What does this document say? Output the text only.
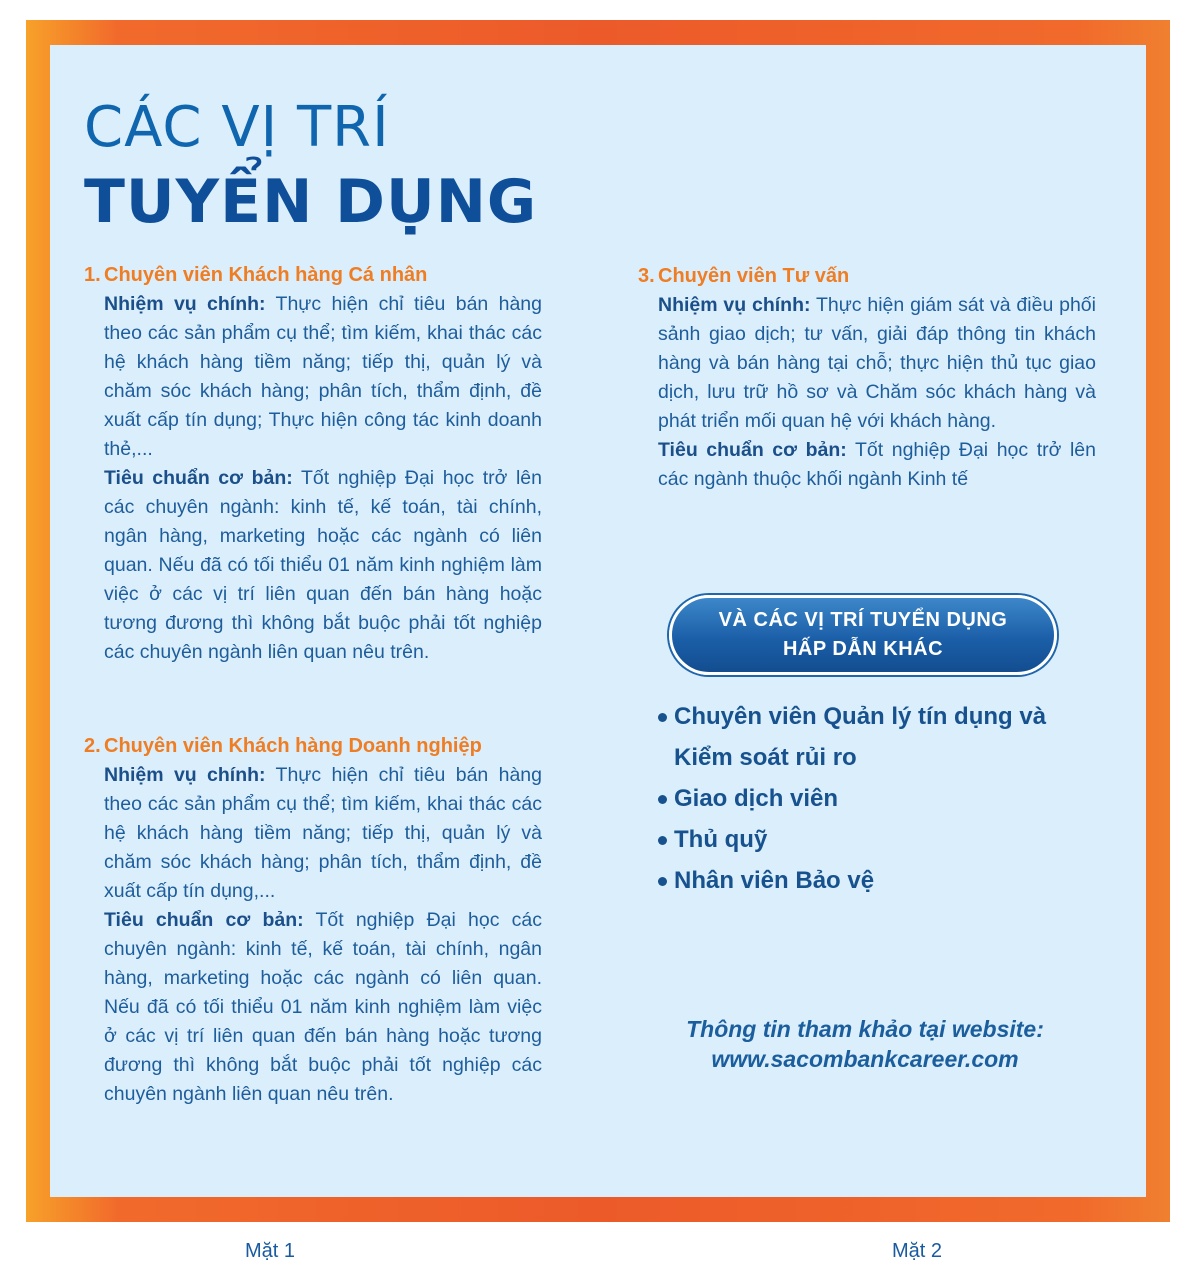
CÁC VỊ TRÍ
TUYỂN DỤNG

1. Chuyên viên Khách hàng Cá nhân

Nhiệm vụ chính: Thực hiện chỉ tiêu bán hàng theo các sản phẩm cụ thể; tìm kiếm, khai thác các hệ khách hàng tiềm năng; tiếp thị, quản lý và chăm sóc khách hàng; phân tích, thẩm định, đề xuất cấp tín dụng; Thực hiện công tác kinh doanh thẻ,...

Tiêu chuẩn cơ bản: Tốt nghiệp Đại học trở lên các chuyên ngành: kinh tế, kế toán, tài chính, ngân hàng, marketing hoặc các ngành có liên quan. Nếu đã có tối thiểu 01 năm kinh nghiệm làm việc ở các vị trí liên quan đến bán hàng hoặc tương đương thì không bắt buộc phải tốt nghiệp các chuyên ngành liên quan nêu trên.

2. Chuyên viên Khách hàng Doanh nghiệp

Nhiệm vụ chính: Thực hiện chỉ tiêu bán hàng theo các sản phẩm cụ thể; tìm kiếm, khai thác các hệ khách hàng tiềm năng; tiếp thị, quản lý và chăm sóc khách hàng; phân tích, thẩm định, đề xuất cấp tín dụng,...

Tiêu chuẩn cơ bản: Tốt nghiệp Đại học các chuyên ngành: kinh tế, kế toán, tài chính, ngân hàng, marketing hoặc các ngành có liên quan. Nếu đã có tối thiểu 01 năm kinh nghiệm làm việc ở các vị trí liên quan đến bán hàng hoặc tương đương thì không bắt buộc phải tốt nghiệp các chuyên ngành liên quan nêu trên.

3. Chuyên viên Tư vấn

Nhiệm vụ chính: Thực hiện giám sát và điều phối sảnh giao dịch; tư vấn, giải đáp thông tin khách hàng và bán hàng tại chỗ; thực hiện thủ tục giao dịch, lưu trữ hồ sơ và Chăm sóc khách hàng và phát triển mối quan hệ với khách hàng.

Tiêu chuẩn cơ bản: Tốt nghiệp Đại học trở lên các ngành thuộc khối ngành Kinh tế

VÀ CÁC VỊ TRÍ TUYỂN DỤNG
HẤP DẪN KHÁC
Chuyên viên Quản lý tín dụng và Kiểm soát rủi ro
Giao dịch viên
Thủ quỹ
Nhân viên Bảo vệ
Thông tin tham khảo tại website:
www.sacombankcareer.com
Mặt 1	Mặt 2
